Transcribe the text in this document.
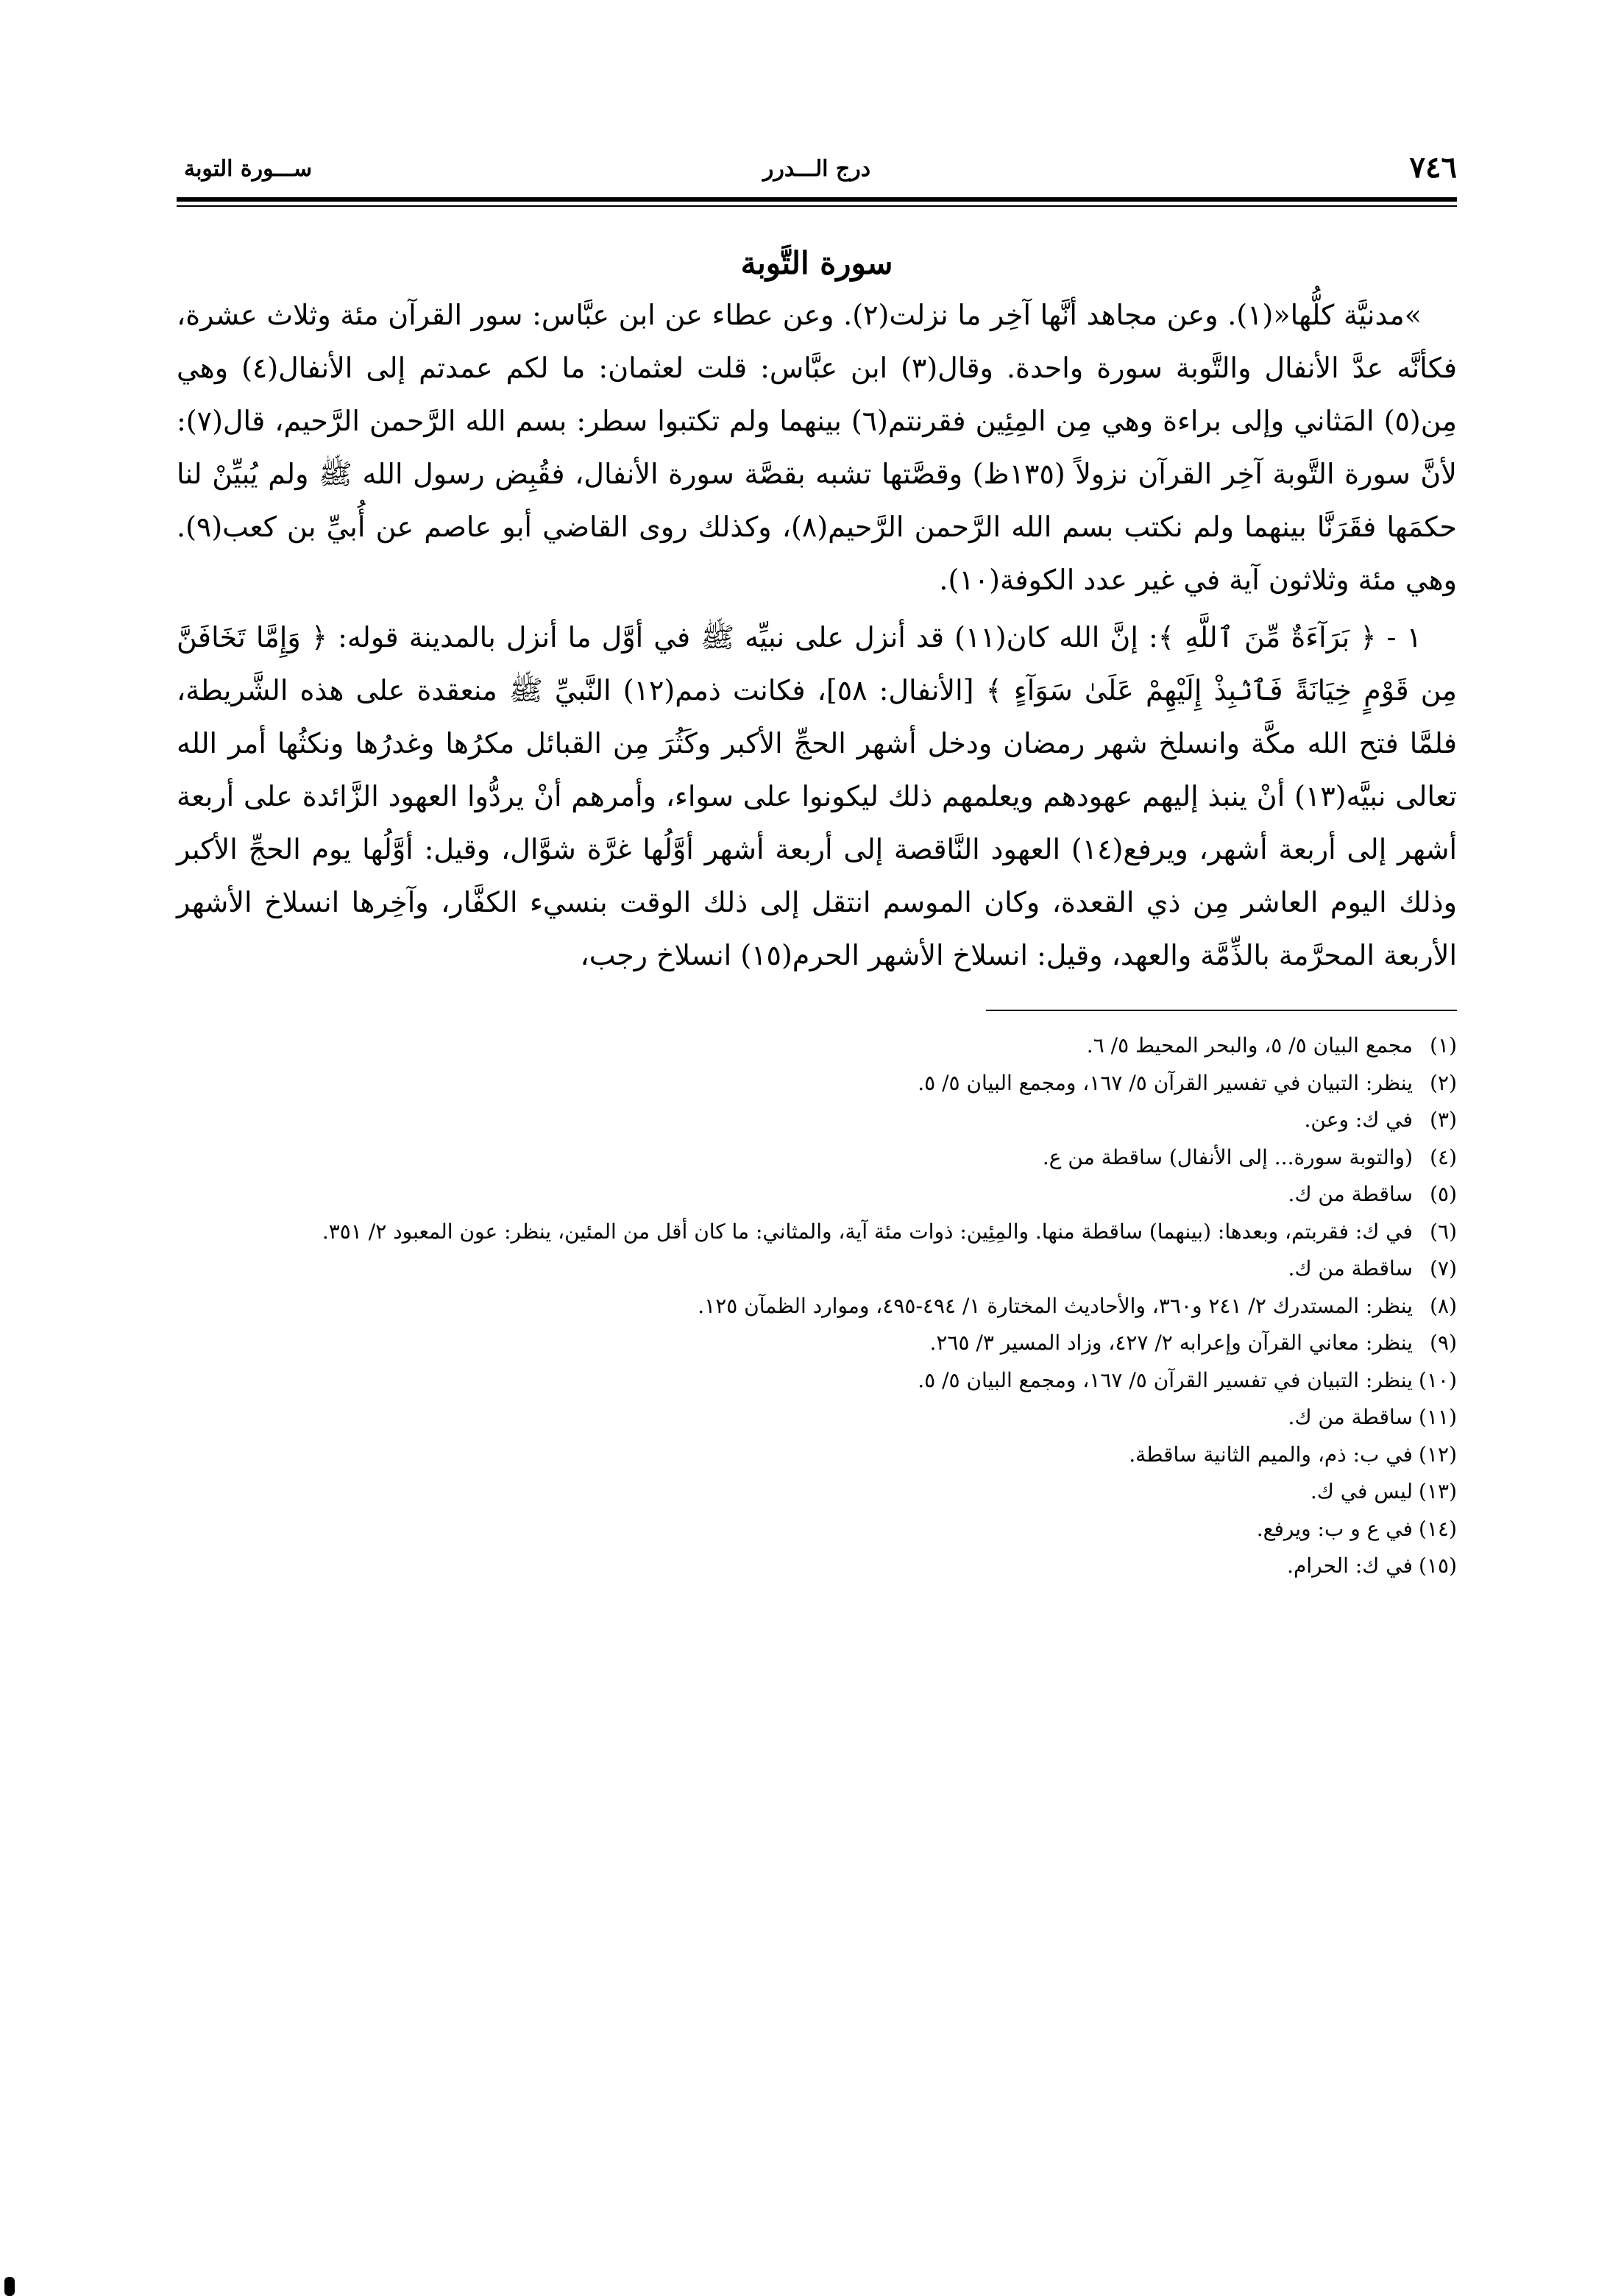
٧٤٦
درج الـــدرر
ســـورة التوبة
سورة التَّوبة

»مدنيَّة كلُّها«(١). وعن مجاهد أنَّها آخِر ما نزلت(٢). وعن عطاء عن ابن عبَّاس: سور القرآن مئة وثلاث عشرة، فكأنَّه عدَّ الأنفال والتَّوبة سورة واحدة. وقال(٣) ابن عبَّاس: قلت لعثمان: ما لكم عمدتم إلى الأنفال(٤) وهي مِن(٥) المَثاني وإلى براءة وهي مِن المِئِين فقرنتم(٦) بينهما ولم تكتبوا سطر: بسم الله الرَّحمن الرَّحيم، قال(٧): لأنَّ سورة التَّوبة آخِر القرآن نزولاً (١٣٥ظ) وقصَّتها تشبه بقصَّة سورة الأنفال، فقُبِض رسول الله ﷺ ولم يُبيِّنْ لنا حكمَها فقَرَنَّا بينهما ولم نكتب بسم الله الرَّحمن الرَّحيم(٨)، وكذلك روى القاضي أبو عاصم عن أُبيِّ بن كعب(٩). وهي مئة وثلاثون آية في غير عدد الكوفة(١٠).

١ - ﴿ بَرَآءَةٌ مِّنَ ٱللَّهِ ﴾: إنَّ الله كان(١١) قد أنزل على نبيِّه ﷺ في أوَّل ما أنزل بالمدينة قوله: ﴿ وَإِمَّا تَخَافَنَّ مِن قَوْمٍ خِيَانَةً فَٱنۢبِذْ إِلَيْهِمْ عَلَىٰ سَوَآءٍ ﴾ [الأنفال: ٥٨]، فكانت ذمم(١٢) النَّبيِّ ﷺ منعقدة على هذه الشَّريطة، فلمَّا فتح الله مكَّة وانسلخ شهر رمضان ودخل أشهر الحجِّ الأكبر وكَثُرَ مِن القبائل مكرُها وغدرُها ونكثُها أمر الله تعالى نبيَّه(١٣) أنْ ينبذ إليهم عهودهم ويعلمهم ذلك ليكونوا على سواء، وأمرهم أنْ يردُّوا العهود الزَّائدة على أربعة أشهر إلى أربعة أشهر، ويرفع(١٤) العهود النَّاقصة إلى أربعة أشهر أوَّلُها غرَّة شوَّال، وقيل: أوَّلُها يوم الحجِّ الأكبر وذلك اليوم العاشر مِن ذي القعدة، وكان الموسم انتقل إلى ذلك الوقت بنسيء الكفَّار، وآخِرها انسلاخ الأشهر الأربعة المحرَّمة بالذِّمَّة والعهد، وقيل: انسلاخ الأشهر الحرم(١٥) انسلاخ رجب،

(١)مجمع البيان ٥/ ٥، والبحر المحيط ٥/ ٦.
(٢)ينظر: التبيان في تفسير القرآن ٥/ ١٦٧، ومجمع البيان ٥/ ٥.
(٣)في ك: وعن.
(٤)(والتوبة سورة... إلى الأنفال) ساقطة من ع.
(٥)ساقطة من ك.
(٦)في ك: فقربتم، وبعدها: (بينهما) ساقطة منها. والمِئِين: ذوات مئة آية، والمثاني: ما كان أقل من المئين، ينظر: عون المعبود ٢/ ٣٥١.
(٧)ساقطة من ك.
(٨)ينظر: المستدرك ٢/ ٢٤١ و٣٦٠، والأحاديث المختارة ١/ ٤٩٤-٤٩٥، وموارد الظمآن ١٢٥.
(٩)ينظر: معاني القرآن وإعرابه ٢/ ٤٢٧، وزاد المسير ٣/ ٢٦٥.
(١٠)ينظر: التبيان في تفسير القرآن ٥/ ١٦٧، ومجمع البيان ٥/ ٥.
(١١)ساقطة من ك.
(١٢)في ب: ذم، والميم الثانية ساقطة.
(١٣)ليس في ك.
(١٤)في ع و ب: ويرفع.
(١٥)في ك: الحرام.
